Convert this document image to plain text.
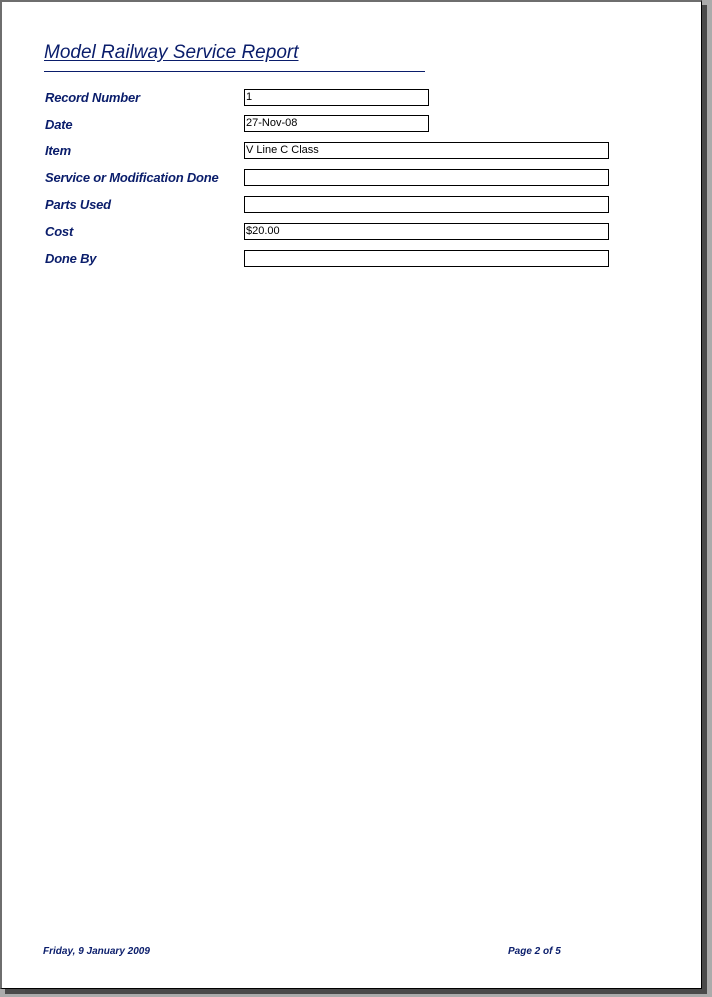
Model Railway Service Report
Record Number	1
Date	27-Nov-08
Item	V Line C Class
Service or Modification Done
Parts Used
Cost	$20.00
Done By
Friday, 9 January 2009	Page 2 of 5
